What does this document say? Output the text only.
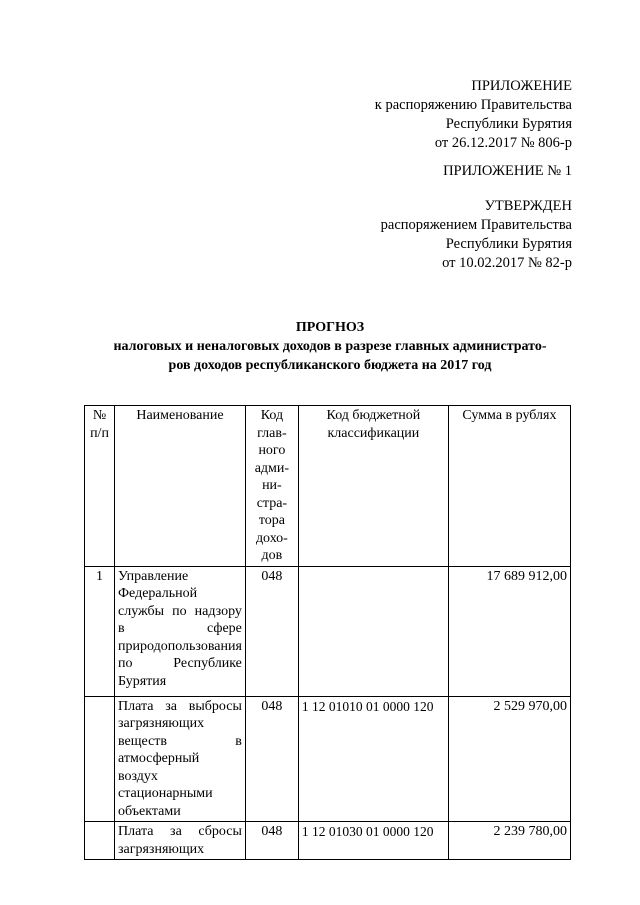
ПРИЛОЖЕНИЕ
к распоряжению Правительства
Республики Бурятия
от 26.12.2017 № 806-р
ПРИЛОЖЕНИЕ № 1
УТВЕРЖДЕН
распоряжением Правительства
Республики Бурятия
от 10.02.2017 № 82-р
ПРОГНОЗ
налоговых и неналоговых доходов в разрезе главных администрато-
ров доходов республиканского бюджета на 2017 год
№ п/п	Наименование	Код глав-ного адми-ни-стра-тора дохо-дов	Код бюджетной классификации	Сумма в рублях
1	Управление Федеральной службы по надзору в сфере природопользования по Республике Бурятия	048		17 689 912,00
	Плата за выбросы загрязняющих веществ в атмосферный воздух стационарными объектами	048	1 12 01010 01 0000 120	2 529 970,00
	Плата за сбросы загрязняющих	048	1 12 01030 01 0000 120	2 239 780,00
